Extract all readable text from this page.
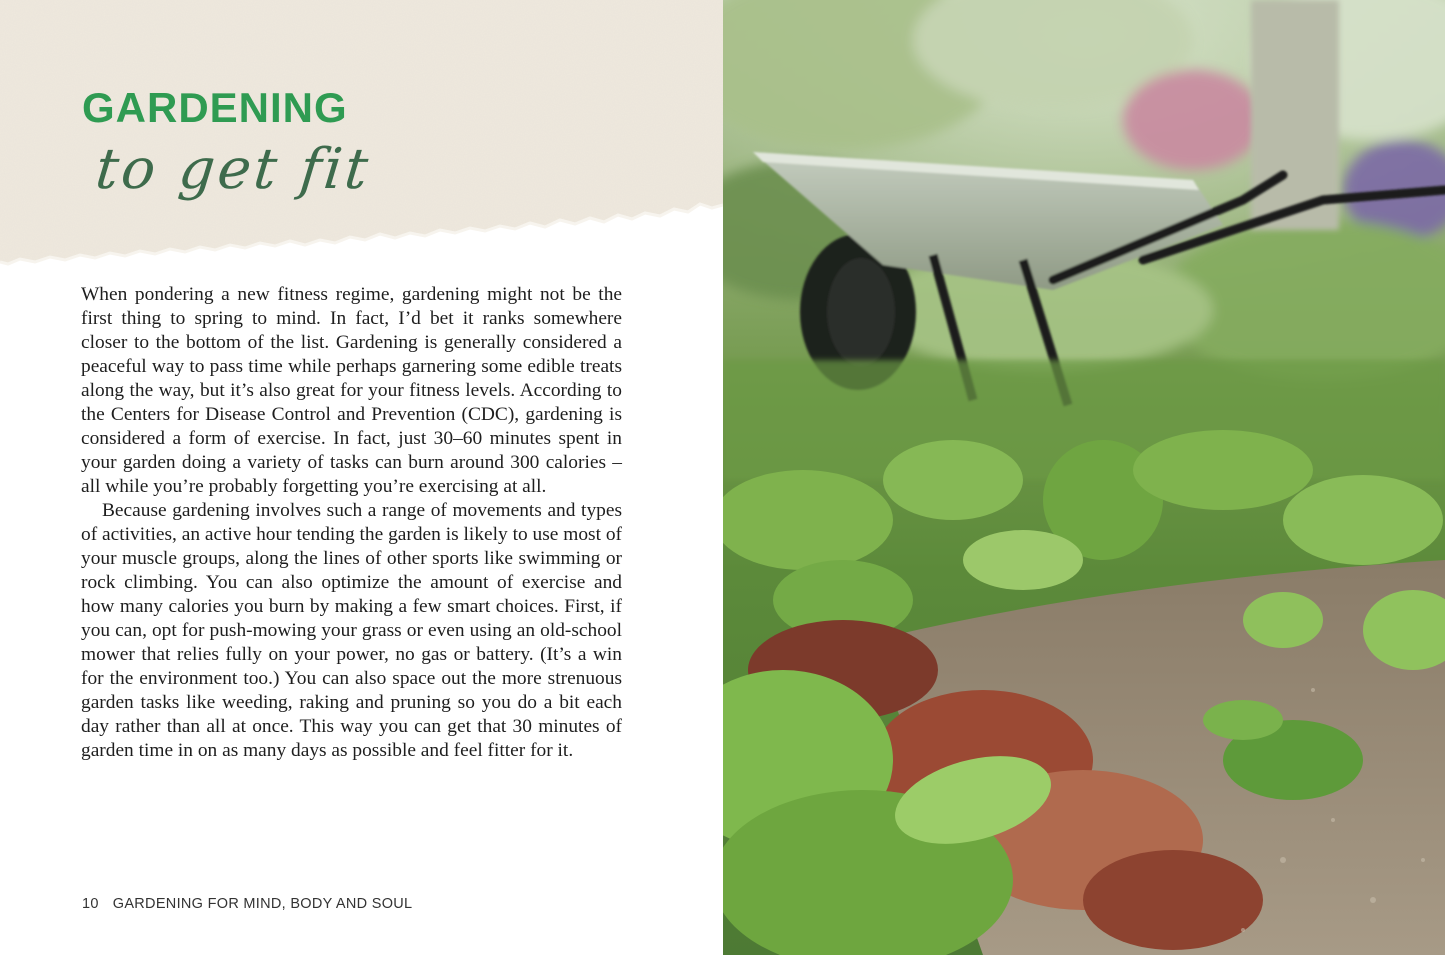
GARDENING
to get fit

When pondering a new fitness regime, gardening might not be the first thing to spring to mind. In fact, I’d bet it ranks somewhere closer to the bottom of the list. Gardening is generally considered a peaceful way to pass time while perhaps garnering some edible treats along the way, but it’s also great for your fitness levels. According to the Centers for Disease Control and Prevention (CDC), gardening is considered a form of exercise. In fact, just 30–60 minutes spent in your garden doing a variety of tasks can burn around 300 calories – all while you’re probably forgetting you’re exercising at all.

Because gardening involves such a range of movements and types of activities, an active hour tending the garden is likely to use most of your muscle groups, along the lines of other sports like swimming or rock climbing. You can also optimize the amount of exercise and how many calories you burn by making a few smart choices. First, if you can, opt for push-mowing your grass or even using an old-school mower that relies fully on your power, no gas or battery. (It’s a win for the environment too.) You can also space out the more strenuous garden tasks like weeding, raking and pruning so you do a bit each day rather than all at once. This way you can get that 30 minutes of garden time in on as many days as possible and feel fitter for it.

10 GARDENING FOR MIND, BODY AND SOUL
